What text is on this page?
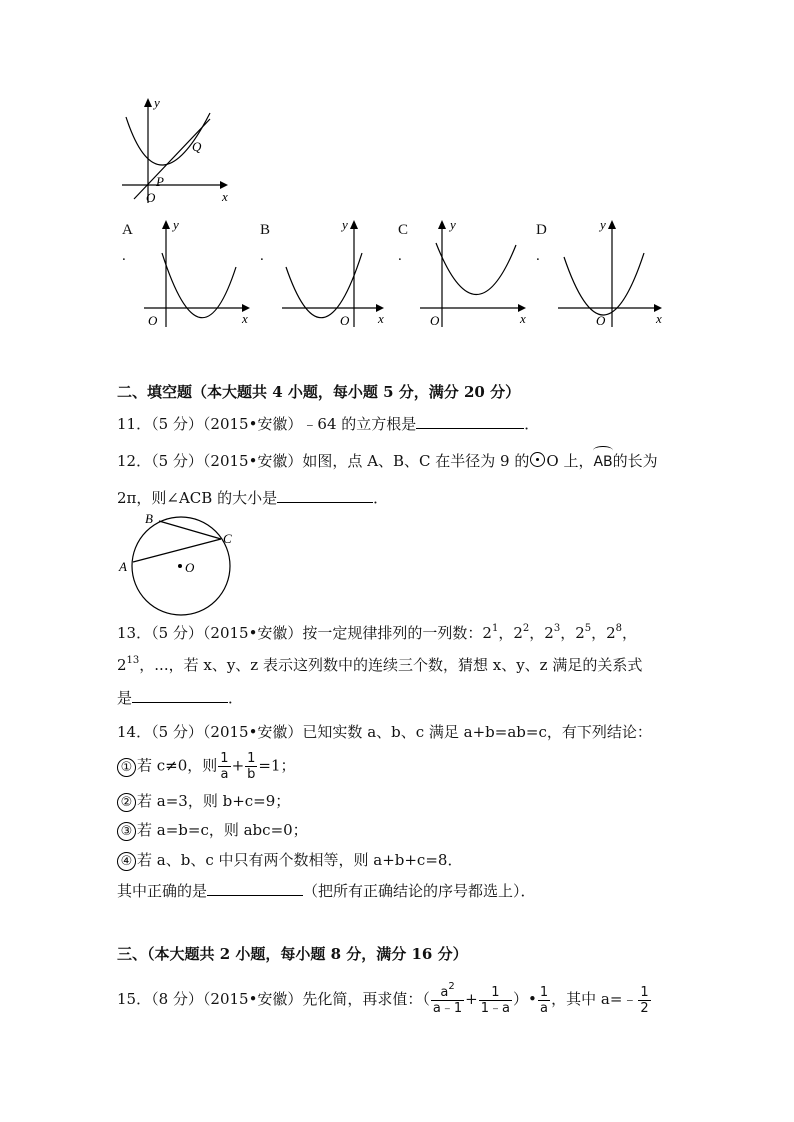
y
x
O
P
Q
A
.
y
x
O
B
.
y
x
O
C
.
y
x
O
D
.
y
x
O
二、填空题（本大题共 4 小题，每小题 5 分，满分 20 分）
11．（5 分）（2015•安徽）﹣64 的立方根是	．
12．（5 分）（2015•安徽）如图，点 A、B、C 在半径为 9 的 O 上，AB的长为
2π，则∠ACB 的大小是	．
B
C
A	O
13．（5 分）（2015•安徽）按一定规律排列的一列数：$2^1$，$2^2$，$2^3$，$2^5$，$2^8$，
$2^{13}$，...，若 x、y、z 表示这列数中的连续三个数，猜想 x、y、z 满足的关系式
是	．
14．（5 分）（2015•安徽）已知实数 a、b、c 满足 a+b=ab=c，有下列结论：
① 若 c≠0，则 $\frac{1}{a} + \frac{1}{b} =1$；
② 若 a=3，则 b+c=9；
③ 若 a=b=c，则 abc=0；
④ 若 a、b、c 中只有两个数相等，则 a+b+c=8．
其中正确的是	（把所有正确结论的序号都选上）．
三、（本大题共 2 小题，每小题 8 分，满分 16 分）
15．（8 分）（2015•安徽）先化简，再求值：（ $\frac{a^2}{a﹣1} + \frac{1}{1﹣a}$ ）• $\frac{1}{a}$ ，其中 a=﹣ $\frac{1}{2}$
